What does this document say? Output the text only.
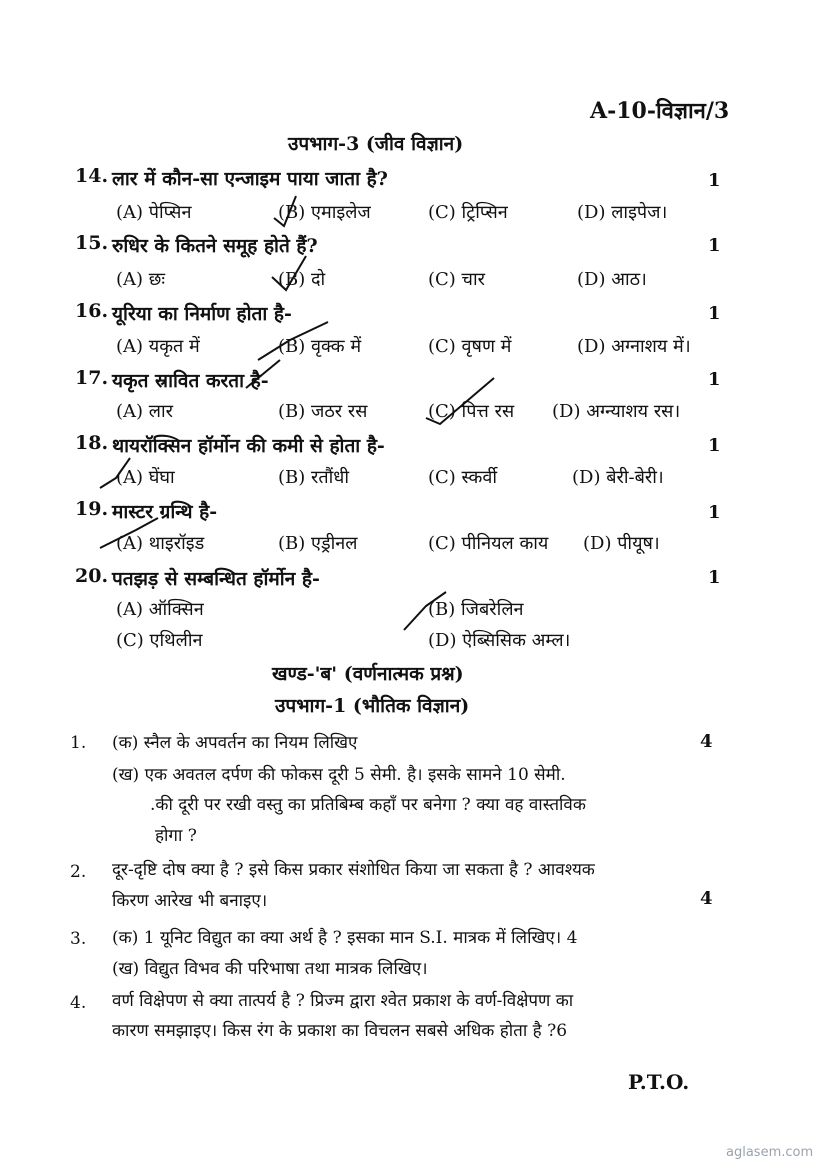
A-10-विज्ञान/3
उपभाग-3 (जीव विज्ञान)
14. लार में कौन-सा एन्जाइम पाया जाता है?	1
(A) पेप्सिन	(B) एमाइलेज	(C) ट्रिप्सिन	(D) लाइपेज।
15. रुधिर के कितने समूह होते हैं?	1
(A) छः	(B) दो	(C) चार	(D) आठ।
16. यूरिया का निर्माण होता है-	1
(A) यकृत में	(B) वृक्क में	(C) वृषण में	(D) अग्नाशय में।
17. यकृत स्रावित करता है-	1
(A) लार	(B) जठर रस	(C) पित्त रस (D) अग्न्याशय रस।
18. थायरॉक्सिन हॉर्मोन की कमी से होता है-	1
(A) घेंघा	(B) रतौंधी	(C) स्कर्वी	(D) बेरी-बेरी।
19. मास्टर ग्रन्थि है-	1
(A) थाइरॉइड	(B) एड्रीनल	(C) पीनियल काय (D) पीयूष।
20. पतझड़ से सम्बन्धित हॉर्मोन है-	1
(A) ऑक्सिन	(B) जिबरेलिन
(C) एथिलीन	(D) ऐब्सिसिक अम्ल।
खण्ड-'ब' (वर्णनात्मक प्रश्न)
उपभाग-1 (भौतिक विज्ञान)
1. (क) स्नैल के अपवर्तन का नियम लिखिए	4
(ख) एक अवतल दर्पण की फोकस दूरी 5 सेमी. है। इसके सामने 10 सेमी.
.की दूरी पर रखी वस्तु का प्रतिबिम्ब कहाँ पर बनेगा ? क्या वह वास्तविक
होगा ?
2. दूर-दृष्टि दोष क्या है ? इसे किस प्रकार संशोधित किया जा सकता है ? आवश्यक
किरण आरेख भी बनाइए।	4
3. (क) 1 यूनिट विद्युत का क्या अर्थ है ? इसका मान S.I. मात्रक में लिखिए। 4
(ख) विद्युत विभव की परिभाषा तथा मात्रक लिखिए।
4. वर्ण विक्षेपण से क्या तात्पर्य है ? प्रिज्म द्वारा श्वेत प्रकाश के वर्ण-विक्षेपण का
कारण समझाइए। किस रंग के प्रकाश का विचलन सबसे अधिक होता है ?6
P.T.O.
aglasem.com
